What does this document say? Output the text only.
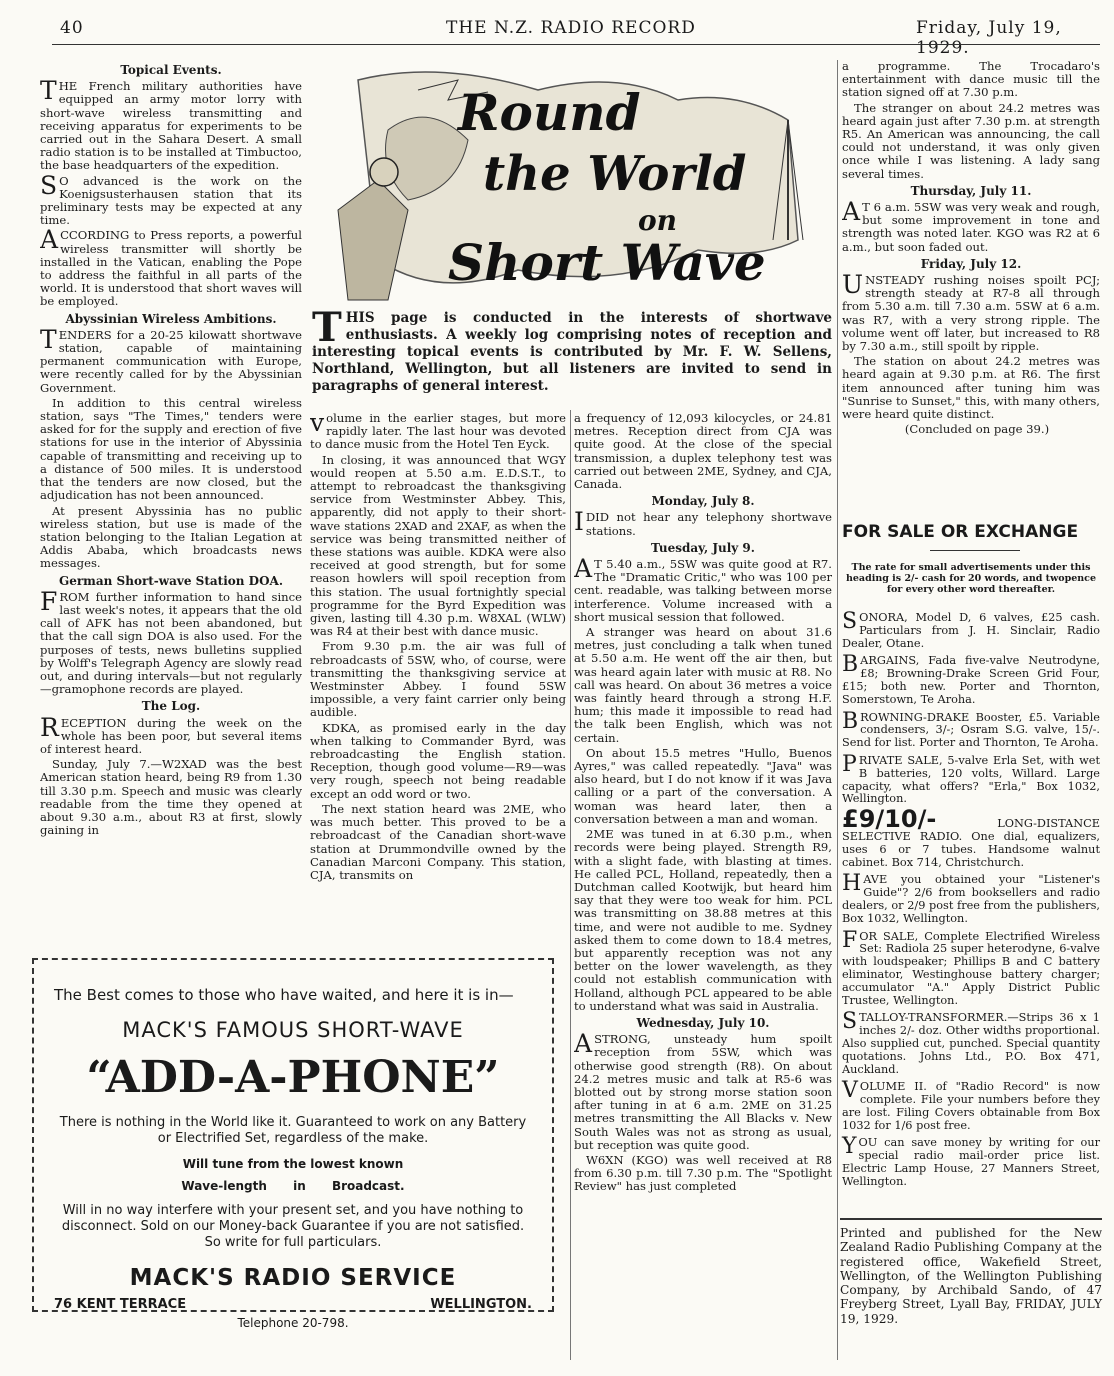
40	THE N.Z. RADIO RECORD	Friday, July 19, 1929.
Round
the World
on
Short Wave
THIS page is conducted in the interests of shortwave enthusiasts. A weekly log comprising notes of reception and interesting topical events is contributed by Mr. F. W. Sellens, Northland, Wellington, but all listeners are invited to send in paragraphs of general interest.
Topical Events.

THE French military authorities have equipped an army motor lorry with short-wave wireless transmitting and receiving apparatus for experiments to be carried out in the Sahara Desert. A small radio station is to be installed at Timbuctoo, the base headquarters of the expedition.

SO advanced is the work on the Koenigsusterhausen station that its preliminary tests may be expected at any time.

ACCORDING to Press reports, a powerful wireless transmitter will shortly be installed in the Vatican, enabling the Pope to address the faithful in all parts of the world. It is understood that short waves will be employed.

Abyssinian Wireless Ambitions.

TENDERS for a 20-25 kilowatt shortwave station, capable of maintaining permanent communication with Europe, were recently called for by the Abyssinian Government.

In addition to this central wireless station, says "The Times," tenders were asked for for the supply and erection of five stations for use in the interior of Abyssinia capable of transmitting and receiving up to a distance of 500 miles. It is understood that the tenders are now closed, but the adjudication has not been announced.

At present Abyssinia has no public wireless station, but use is made of the station belonging to the Italian Legation at Addis Ababa, which broadcasts news messages.

German Short-wave Station DOA.

FROM further information to hand since last week's notes, it appears that the old call of AFK has not been abandoned, but that the call sign DOA is also used. For the purposes of tests, news bulletins supplied by Wolff's Telegraph Agency are slowly read out, and during intervals—but not regularly—gramophone records are played.

The Log.

RECEPTION during the week on the whole has been poor, but several items of interest heard.

Sunday, July 7.—W2XAD was the best American station heard, being R9 from 1.30 till 3.30 p.m. Speech and music was clearly readable from the time they opened at about 9.30 a.m., about R3 at first, slowly gaining in

volume in the earlier stages, but more rapidly later. The last hour was devoted to dance music from the Hotel Ten Eyck.

In closing, it was announced that WGY would reopen at 5.50 a.m. E.D.S.T., to attempt to rebroadcast the thanksgiving service from Westminster Abbey. This, apparently, did not apply to their short-wave stations 2XAD and 2XAF, as when the service was being transmitted neither of these stations was auible. KDKA were also received at good strength, but for some reason howlers will spoil reception from this station. The usual fortnightly special programme for the Byrd Expedition was given, lasting till 4.30 p.m. W8XAL (WLW) was R4 at their best with dance music.

From 9.30 p.m. the air was full of rebroadcasts of 5SW, who, of course, were transmitting the thanksgiving service at Westminster Abbey. I found 5SW impossible, a very faint carrier only being audible.

KDKA, as promised early in the day when talking to Commander Byrd, was rebroadcasting the English station. Reception, though good volume—R9—was very rough, speech not being readable except an odd word or two.

The next station heard was 2ME, who was much better. This proved to be a rebroadcast of the Canadian short-wave station at Drummondville owned by the Canadian Marconi Company. This station, CJA, transmits on

a frequency of 12,093 kilocycles, or 24.81 metres. Reception direct from CJA was quite good. At the close of the special transmission, a duplex telephony test was carried out between 2ME, Sydney, and CJA, Canada.

Monday, July 8.

IDID not hear any telephony shortwave stations.

Tuesday, July 9.

AT 5.40 a.m., 5SW was quite good at R7. The "Dramatic Critic," who was 100 per cent. readable, was talking between morse interference. Volume increased with a short musical session that followed.

A stranger was heard on about 31.6 metres, just concluding a talk when tuned at 5.50 a.m. He went off the air then, but was heard again later with music at R8. No call was heard. On about 36 metres a voice was faintly heard through a strong H.F. hum; this made it impossible to read had the talk been English, which was not certain.

On about 15.5 metres "Hullo, Buenos Ayres," was called repeatedly. "Java" was also heard, but I do not know if it was Java calling or a part of the conversation. A woman was heard later, then a conversation between a man and woman.

2ME was tuned in at 6.30 p.m., when records were being played. Strength R9, with a slight fade, with blasting at times. He called PCL, Holland, repeatedly, then a Dutchman called Kootwijk, but heard him say that they were too weak for him. PCL was transmitting on 38.88 metres at this time, and were not audible to me. Sydney asked them to come down to 18.4 metres, but apparently reception was not any better on the lower wavelength, as they could not establish communication with Holland, although PCL appeared to be able to understand what was said in Australia.

Wednesday, July 10.

ASTRONG, unsteady hum spoilt reception from 5SW, which was otherwise good strength (R8). On about 24.2 metres music and talk at R5-6 was blotted out by strong morse station soon after tuning in at 6 a.m. 2ME on 31.25 metres transmitting the All Blacks v. New South Wales was not as strong as usual, but reception was quite good.

W6XN (KGO) was well received at R8 from 6.30 p.m. till 7.30 p.m. The "Spotlight Review" has just completed

a programme. The Trocadaro's entertainment with dance music till the station signed off at 7.30 p.m.

The stranger on about 24.2 metres was heard again just after 7.30 p.m. at strength R5. An American was announcing, the call could not understand, it was only given once while I was listening. A lady sang several times.

Thursday, July 11.

AT 6 a.m. 5SW was very weak and rough, but some improvement in tone and strength was noted later. KGO was R2 at 6 a.m., but soon faded out.

Friday, July 12.

UNSTEADY rushing noises spoilt PCJ; strength steady at R7-8 all through from 5.30 a.m. till 7.30 a.m. 5SW at 6 a.m. was R7, with a very strong ripple. The volume went off later, but increased to R8 by 7.30 a.m., still spoilt by ripple.

The station on about 24.2 metres was heard again at 9.30 p.m. at R6. The first item announced after tuning him was "Sunrise to Sunset," this, with many others, were heard quite distinct.

(Concluded on page 39.)

FOR SALE OR EXCHANGE
The rate for small advertisements under this heading is 2/- cash for 20 words, and twopence for every other word thereafter.

SONORA, Model D, 6 valves, £25 cash. Particulars from J. H. Sinclair, Radio Dealer, Otane.

BARGAINS, Fada five-valve Neutrodyne, £8; Browning-Drake Screen Grid Four, £15; both new. Porter and Thornton, Somerstown, Te Aroha.

BROWNING-DRAKE Booster, £5. Variable condensers, 3/-; Osram S.G. valve, 15/-. Send for list. Porter and Thornton, Te Aroha.

PRIVATE SALE, 5-valve Erla Set, with wet B batteries, 120 volts, Willard. Large capacity, what offers? "Erla," Box 1032, Wellington.

£9/10/-	LONG-DISTANCE SELECTIVE RADIO. One dial, equalizers, uses 6 or 7 tubes. Handsome walnut cabinet. Box 714, Christchurch.

HAVE you obtained your "Listener's Guide"? 2/6 from booksellers and radio dealers, or 2/9 post free from the publishers, Box 1032, Wellington.

FOR SALE, Complete Electrified Wireless Set: Radiola 25 super heterodyne, 6-valve with loudspeaker; Phillips B and C battery eliminator, Westinghouse battery charger; accumulator "A." Apply District Public Trustee, Wellington.

STALLOY-TRANSFORMER.—Strips 36 x 1 inches 2/- doz. Other widths proportional. Also supplied cut, punched. Special quantity quotations. Johns Ltd., P.O. Box 471, Auckland.

VOLUME II. of "Radio Record" is now complete. File your numbers before they are lost. Filing Covers obtainable from Box 1032 for 1/6 post free.

YOU can save money by writing for our special radio mail-order price list. Electric Lamp House, 27 Manners Street, Wellington.

Printed and published for the New Zealand Radio Publishing Company at the registered office, Wakefield Street, Wellington, of the Wellington Publishing Company, by Archibald Sando, of 47 Freyberg Street, Lyall Bay, FRIDAY, JULY 19, 1929.
The Best comes to those who have waited, and here it is in—
MACK'S FAMOUS SHORT-WAVE
“ADD-A-PHONE”
There is nothing in the World like it. Guaranteed to work on any Battery or Electrified Set, regardless of the make.
Will tune from the lowest known
Wave-length in Broadcast.
Will in no way interfere with your present set, and you have nothing to disconnect. Sold on our Money-back Guarantee if you are not satisfied. So write for full particulars.
MACK'S RADIO SERVICE
76 KENT TERRACE	WELLINGTON.
Telephone 20-798.
